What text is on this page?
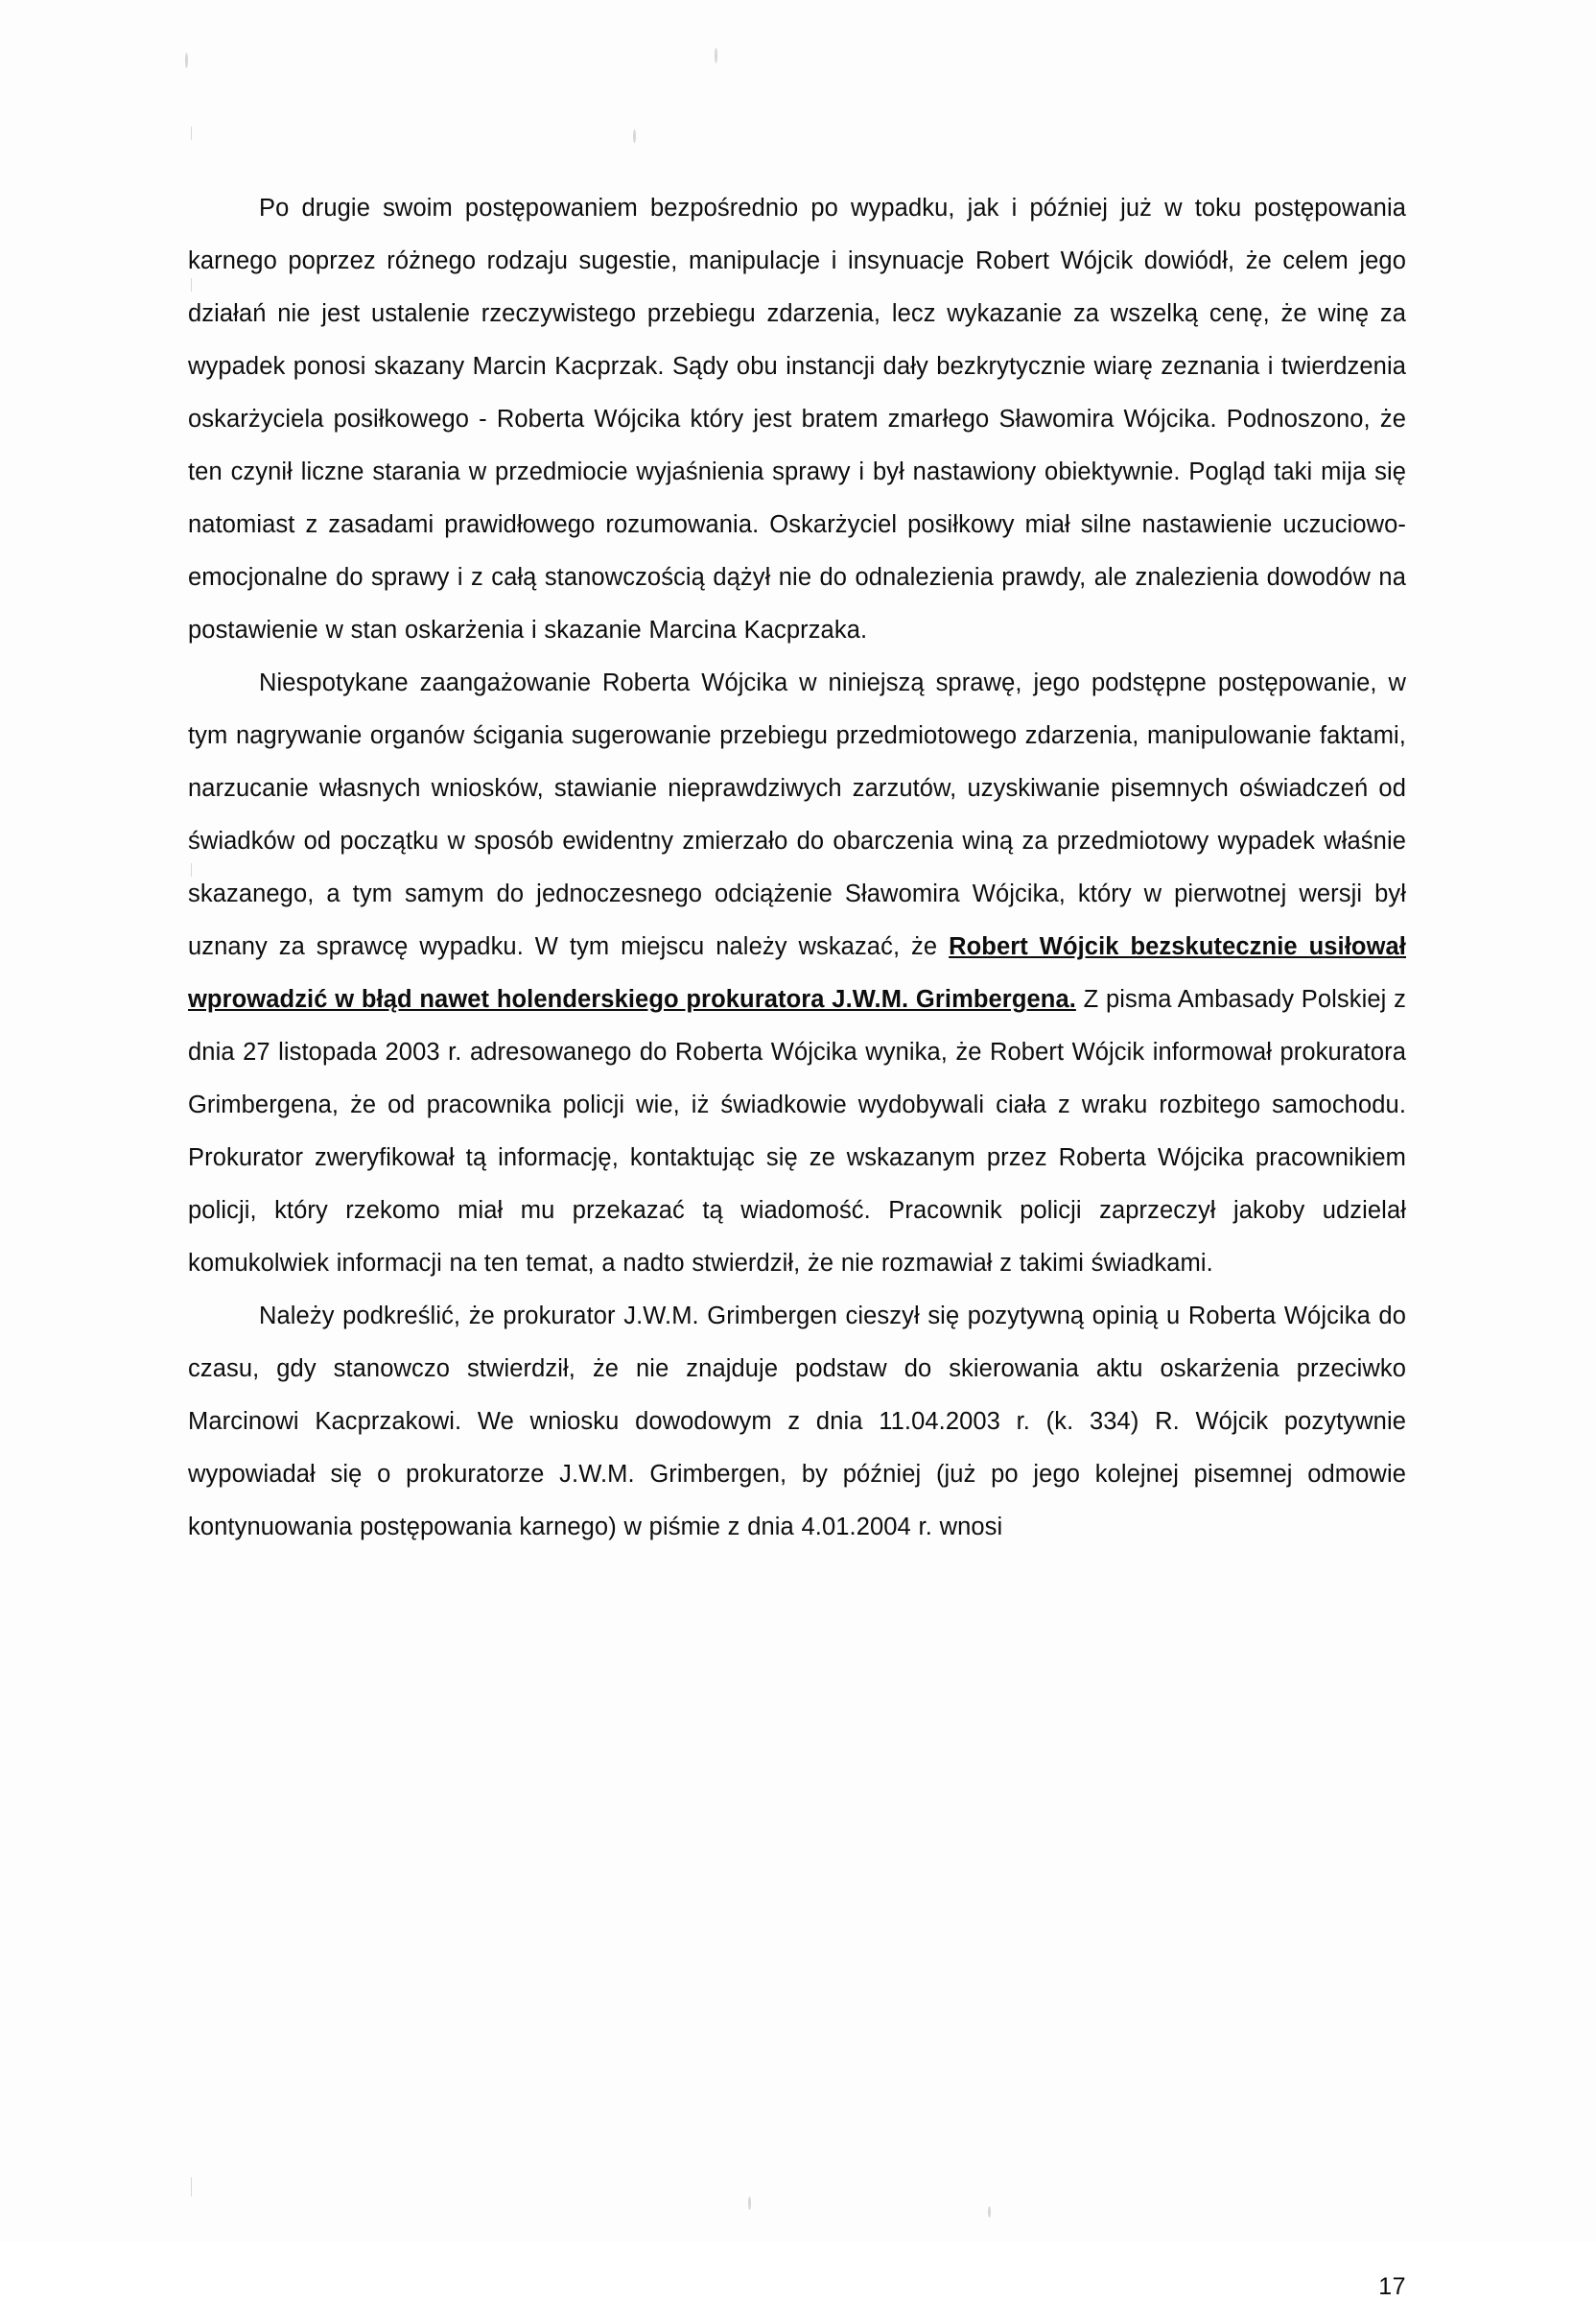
Po drugie swoim postępowaniem bezpośrednio po wypadku, jak i później już w toku postępowania karnego poprzez różnego rodzaju sugestie, manipulacje i insynuacje Robert Wójcik dowiódł, że celem jego działań nie jest ustalenie rzeczywistego przebiegu zdarzenia, lecz wykazanie za wszelką cenę, że winę za wypadek ponosi skazany Marcin Kacprzak. Sądy obu instancji dały bezkrytycznie wiarę zeznania i twierdzenia oskarżyciela posiłkowego - Roberta Wójcika który jest bratem zmarłego Sławomira Wójcika. Podnoszono, że ten czynił liczne starania w przedmiocie wyjaśnienia sprawy i był nastawiony obiektywnie. Pogląd taki mija się natomiast z zasadami prawidłowego rozumowania. Oskarżyciel posiłkowy miał silne nastawienie uczuciowo- emocjonalne do sprawy i z całą stanowczością dążył nie do odnalezienia prawdy, ale znalezienia dowodów na postawienie w stan oskarżenia i skazanie Marcina Kacprzaka.

Niespotykane zaangażowanie Roberta Wójcika w niniejszą sprawę, jego podstępne postępowanie, w tym nagrywanie organów ścigania sugerowanie przebiegu przedmiotowego zdarzenia, manipulowanie faktami, narzucanie własnych wniosków, stawianie nieprawdziwych zarzutów, uzyskiwanie pisemnych oświadczeń od świadków od początku w sposób ewidentny zmierzało do obarczenia winą za przedmiotowy wypadek właśnie skazanego, a tym samym do jednoczesnego odciążenie Sławomira Wójcika, który w pierwotnej wersji był uznany za sprawcę wypadku. W tym miejscu należy wskazać, że Robert Wójcik bezskutecznie usiłował wprowadzić w błąd nawet holenderskiego prokuratora J.W.M. Grimbergena. Z pisma Ambasady Polskiej z dnia 27 listopada 2003 r. adresowanego do Roberta Wójcika wynika, że Robert Wójcik informował prokuratora Grimbergena, że od pracownika policji wie, iż świadkowie wydobywali ciała z wraku rozbitego samochodu. Prokurator zweryfikował tą informację, kontaktując się ze wskazanym przez Roberta Wójcika pracownikiem policji, który rzekomo miał mu przekazać tą wiadomość. Pracownik policji zaprzeczył jakoby udzielał komukolwiek informacji na ten temat, a nadto stwierdził, że nie rozmawiał z takimi świadkami.

Należy podkreślić, że prokurator J.W.M. Grimbergen cieszył się pozytywną opinią u Roberta Wójcika do czasu, gdy stanowczo stwierdził, że nie znajduje podstaw do skierowania aktu oskarżenia przeciwko Marcinowi Kacprzakowi. We wniosku dowodowym z dnia 11.04.2003 r. (k. 334) R. Wójcik pozytywnie wypowiadał się o prokuratorze J.W.M. Grimbergen, by później (już po jego kolejnej pisemnej odmowie kontynuowania postępowania karnego) w piśmie z dnia 4.01.2004 r. wnosi

17
